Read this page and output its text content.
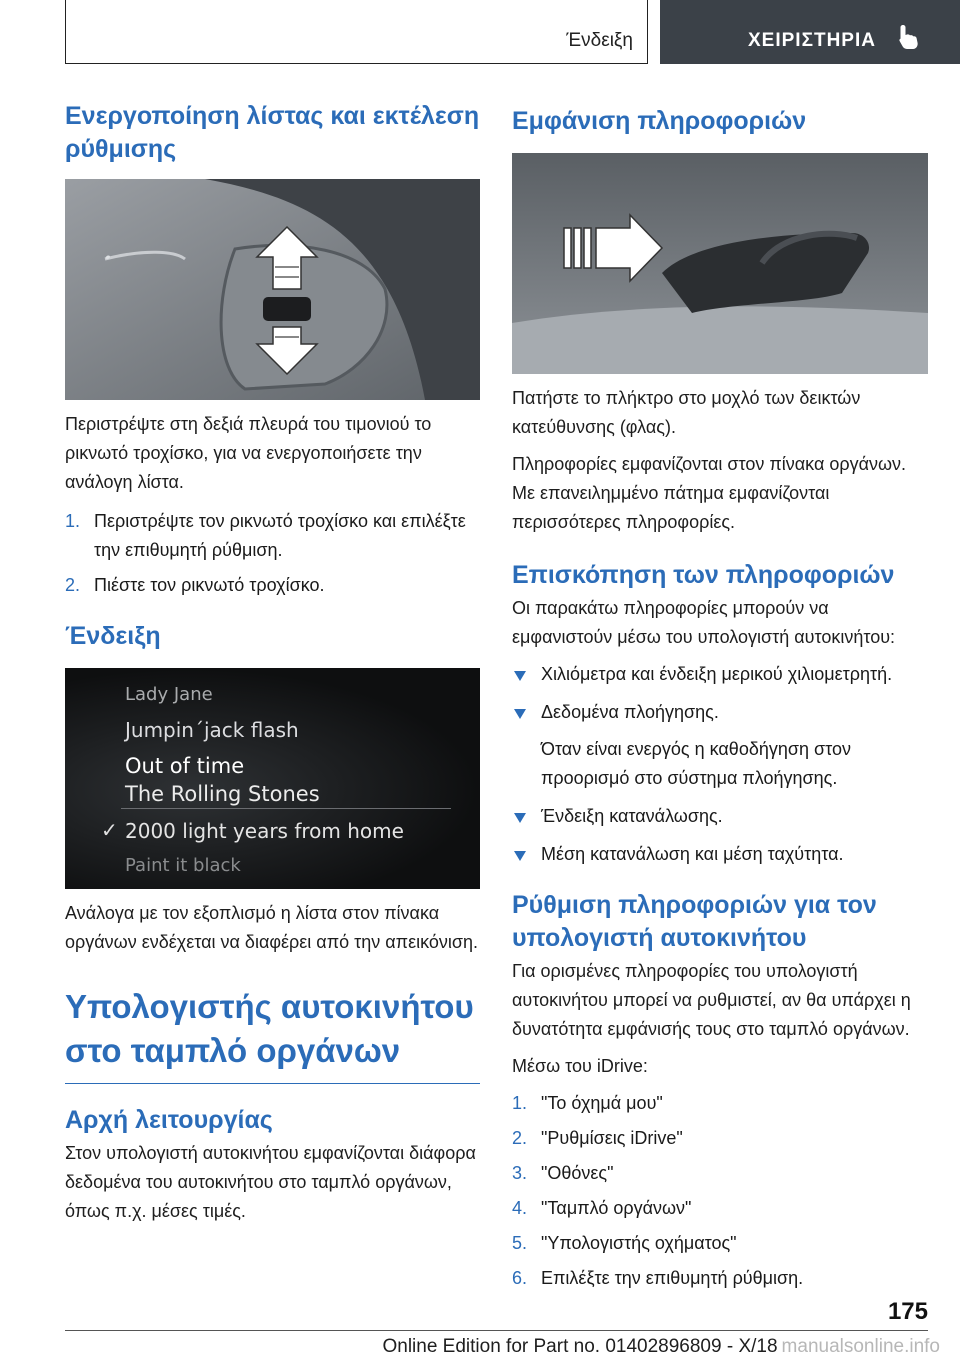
Ένδειξη	ΧΕΙΡΙΣΤΗΡΙΑ
Ενεργοποίηση λίστας και εκτέλεση ρύθμισης
𝅘

Περιστρέψτε στη δεξιά πλευρά του τιμονιού το ρικνωτό τροχίσκο, για να ενεργοποιήσετε την ανάλογη λίστα.

1. Περιστρέψτε τον ρικνωτό τροχίσκο και επιλέξτε την επιθυμητή ρύθμιση.
2. Πιέστε τον ρικνωτό τροχίσκο.
Ένδειξη
Lady Jane
Jumpin´jack flash
Out of time
The Rolling Stones
✓ 2000 light years from home
Paint it black

Ανάλογα με τον εξοπλισμό η λίστα στον πίνακα οργάνων ενδέχεται να διαφέρει από την απεικόνιση.

Υπολογιστής αυτοκινήτου στο ταμπλό οργάνων
Αρχή λειτουργίας

Στον υπολογιστή αυτοκινήτου εμφανίζονται διάφορα δεδομένα του αυτοκινήτου στο ταμπλό οργάνων, όπως π.χ. μέσες τιμές.

Εμφάνιση πληροφοριών

Πατήστε το πλήκτρο στο μοχλό των δεικτών κατεύθυνσης (φλας).

Πληροφορίες εμφανίζονται στον πίνακα οργάνων. Με επανειλημμένο πάτημα εμφανίζονται περισσότερες πληροφορίες.

Επισκόπηση των πληροφοριών

Οι παρακάτω πληροφορίες μπορούν να εμφανιστούν μέσω του υπολογιστή αυτοκινήτου:

Χιλιόμετρα και ένδειξη μερικού χιλιομετρητή.
Δεδομένα πλοήγησης.
Όταν είναι ενεργός η καθοδήγηση στον προορισμό στο σύστημα πλοήγησης.
Ένδειξη κατανάλωσης.
Μέση κατανάλωση και μέση ταχύτητα.
Ρύθμιση πληροφοριών για τον υπολογιστή αυτοκινήτου

Για ορισμένες πληροφορίες του υπολογιστή αυτοκινήτου μπορεί να ρυθμιστεί, αν θα υπάρχει η δυνατότητα εμφάνισής τους στο ταμπλό οργάνων.

Μέσω του iDrive:

1. "Το όχημά μου"
2. "Ρυθμίσεις iDrive"
3. "Οθόνες"
4. "Ταμπλό οργάνων"
5. "Υπολογιστής οχήματος"
6. Επιλέξτε την επιθυμητή ρύθμιση.
175
Online Edition for Part no. 01402896809 - X/18 manualsonline.info
